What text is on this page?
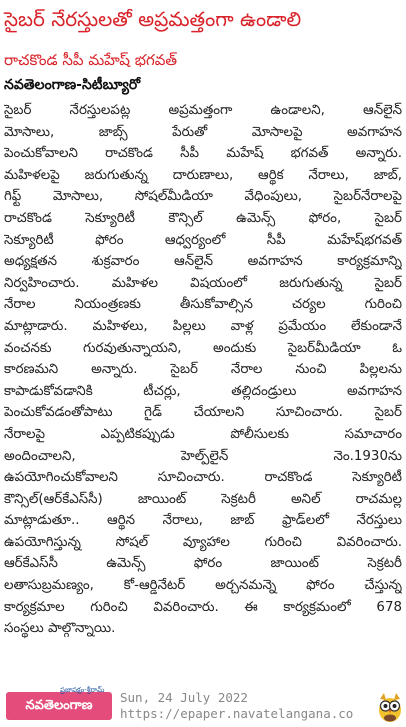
సైబర్ నేరస్తులతో అప్రమత్తంగా ఉండాలి
రాచకొండ సీపీ మహేష్ భగవత్
నవతెలంగాణ-సిటీబ్యూరో

సైబర్ నేరస్తులపట్ల అప్రమత్తంగా ఉండాలని, ఆన్‌లైన్

మోసాలు, జాబ్స్ పేరుతో మోసాలపై అవగాహన

పెంచుకోవాలని రాచకొండ సీపీ మహేష్ భగవత్ అన్నారు.

మహిళలపై జరుగుతున్న దారుణాలు, ఆర్థిక నేరాలు, జాబ్,

గిఫ్ట్ మోసాలు, సోషల్‌మీడియా వేధింపులు, సైబర్‌నేరాలపై

రాచకొండ సెక్యూరిటీ కౌన్సిల్ ఉమెన్స్ ఫోరం, సైబర్

సెక్యూరిటీ ఫోరం ఆధ్వర్యంలో సీపీ మహేష్‌భగవత్

అధ్యక్షతన శుక్రవారం ఆన్‌లైన్ అవగాహన కార్యక్రమాన్ని

నిర్వహించారు. మహిళల విషయంలో జరుగుతున్న సైబర్

నేరాల నియంత్రణకు తీసుకోవాల్సిన చర్యల గురించి

మాట్లాడారు. మహిళలు, పిల్లలు వాళ్ల ప్రమేయం లేకుండానే

వంచనకు గురవుతున్నాయని, అందుకు సైబర్‌మీడియా ఓ

కారణమని అన్నారు. సైబర్ నేరాల నుంచి పిల్లలను

కాపాడుకోవడానికి టీచర్లు, తల్లిదండ్రులు అవగాహన

పెంచుకోవడంతోపాటు గైడ్ చేయాలని సూచించారు. సైబర్

నేరాలపై ఎప్పటికప్పుడు పోలీసులకు సమాచారం

అందించాలని, హెల్ప్‌లైన్ నెం.1930ను

ఉపయోగించుకోవాలని సూచించారు. రాచకొండ సెక్యూరిటీ

కౌన్సిల్(ఆర్‌కేఎస్‌సీ) జాయింట్ సెక్రటరీ అనిల్ రాచమల్ల

మాట్లాడుతూ.. ఆర్థిన నేరాలు, జాబ్ ఫ్రాడ్‌లలో నేరస్తులు

ఉపయోగిస్తున్న సోషల్ వ్యూహాల గురించి వివరించారు.

ఆర్‌కేఎస్‌సీ ఉమెన్స్ ఫోరం జాయింట్ సెక్రటరీ

లతాసుబ్రమణ్యం, కో-ఆర్డినేటర్ అర్చనమన్నె ఫోరం చేస్తున్న

కార్యక్రమాల గురించి వివరించారు. ఈ కార్యక్రమంలో 678

సంస్థలు పాల్గొన్నాయి.

నవతెలంగాణ
ప్రజాపక్షం-శ్రీరామ్ Sun, 24 July 2022
https://epaper.navatelangana.co
